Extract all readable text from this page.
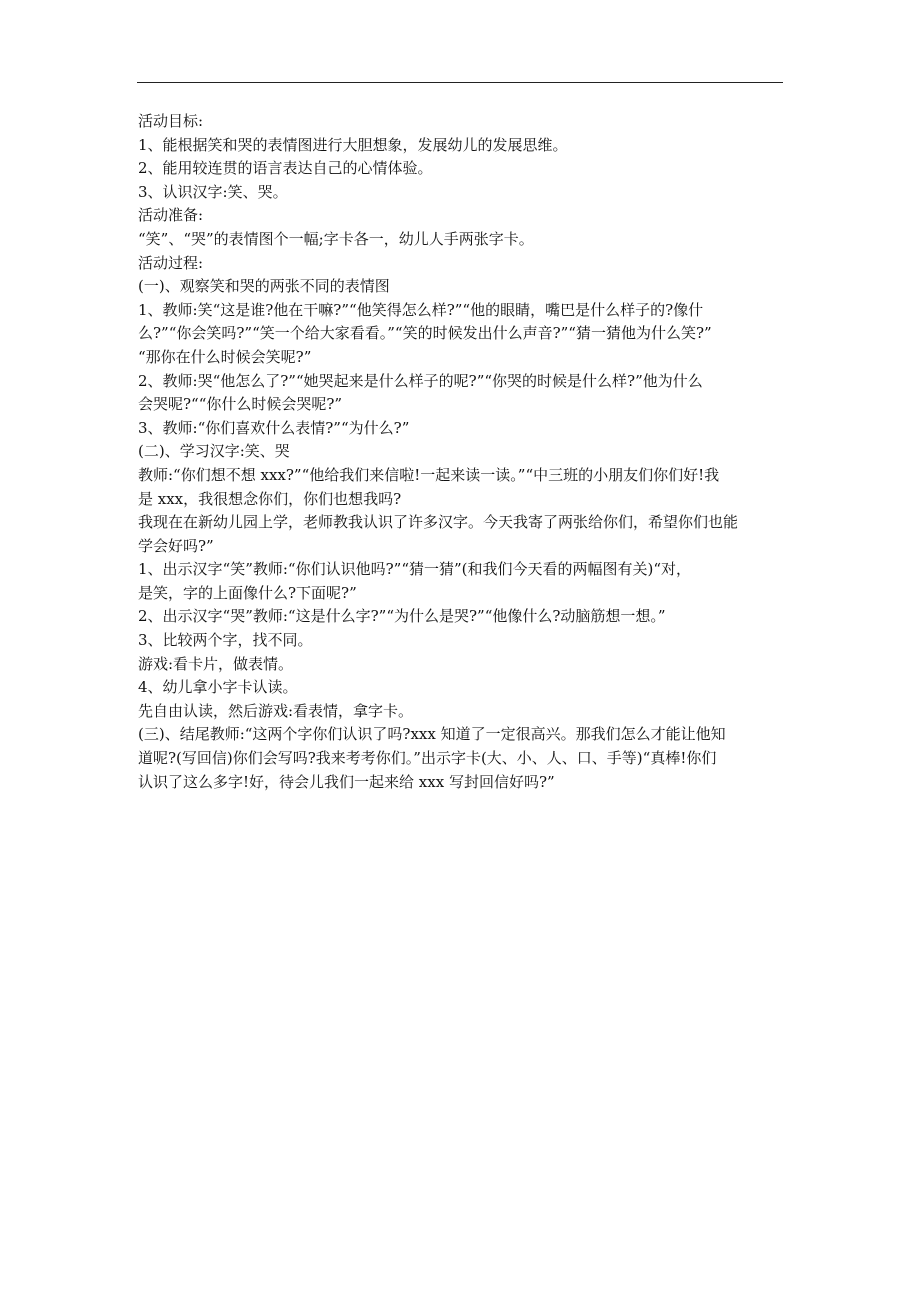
活动目标:
1、能根据笑和哭的表情图进行大胆想象，发展幼儿的发展思维。
2、能用较连贯的语言表达自己的心情体验。
3、认识汉字:笑、哭。
活动准备:
“笑”、“哭”的表情图个一幅;字卡各一，幼儿人手两张字卡。
活动过程:
(一)、观察笑和哭的两张不同的表情图
1、教师:笑“这是谁?他在干嘛?”“他笑得怎么样?”“他的眼睛，嘴巴是什么样子的?像什
么?”“你会笑吗?”“笑一个给大家看看。”“笑的时候发出什么声音?”“猜一猜他为什么笑?”
“那你在什么时候会笑呢?”
2、教师:哭“他怎么了?”“她哭起来是什么样子的呢?”“你哭的时候是什么样?”他为什么
会哭呢?““你什么时候会哭呢?”
3、教师:“你们喜欢什么表情?”“为什么?”
(二)、学习汉字:笑、哭
教师:“你们想不想 xxx?”“他给我们来信啦!一起来读一读。”“中三班的小朋友们你们好!我
是 xxx，我很想念你们，你们也想我吗?
我现在在新幼儿园上学，老师教我认识了许多汉字。今天我寄了两张给你们，希望你们也能
学会好吗?”
1、出示汉字“笑”教师:“你们认识他吗?”“猜一猜”(和我们今天看的两幅图有关)“对，
是笑，字的上面像什么?下面呢?”
2、出示汉字“哭”教师:“这是什么字?”“为什么是哭?”“他像什么?动脑筋想一想。”
3、比较两个字，找不同。
游戏:看卡片，做表情。
4、幼儿拿小字卡认读。
先自由认读，然后游戏:看表情，拿字卡。
(三)、结尾教师:“这两个字你们认识了吗?xxx 知道了一定很高兴。那我们怎么才能让他知
道呢?(写回信)你们会写吗?我来考考你们。”出示字卡(大、小、人、口、手等)“真棒!你们
认识了这么多字!好，待会儿我们一起来给 xxx 写封回信好吗?”
